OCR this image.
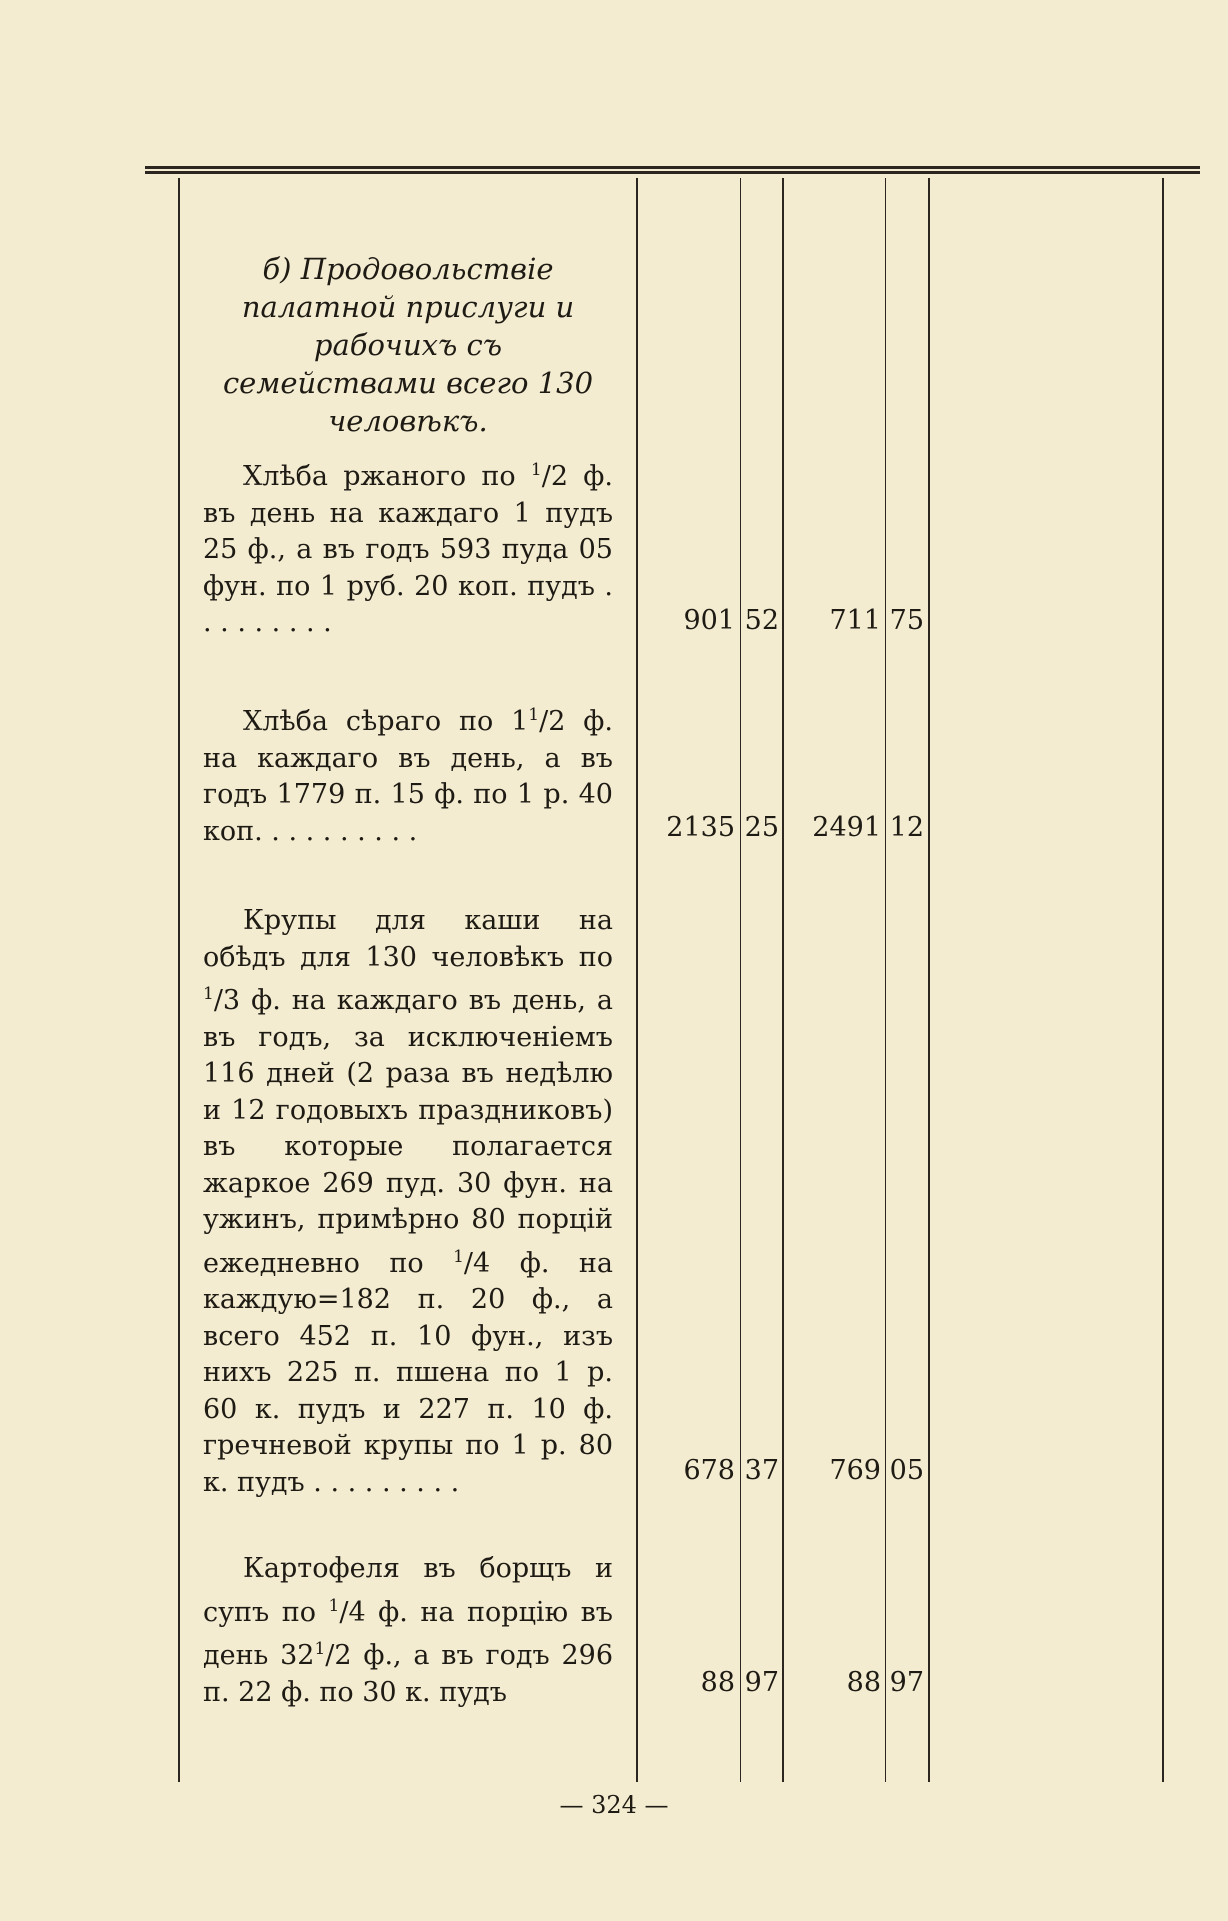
б) Продовольствіе палатной прислуги и рабочихъ съ семействами всего 130 человѣкъ.
Хлѣба ржаного по $^1$/2 ф. въ день на каждаго 1 пудъ 25 ф., а въ годъ 593 пуда 05 фун. по 1 руб. 20 коп. пудъ . . . . . . . . .	901 52	711 75
Хлѣба сѣраго по $1^1/2$ ф. на каждаго въ день, а въ годъ 1779 п. 15 ф. по 1 р. 40 коп. . . . . . . . . .	2135 25	2491 12
Крупы для каши на обѣдъ для 130 человѣкъ по $^1$/3 ф. на каждаго въ день, а въ годъ, за исключеніемъ 116 дней (2 раза въ недѣлю и 12 годовыхъ праздниковъ) въ которые полагается жаркое 269 пуд. 30 фун. на ужинъ, примѣрно 80 порцій ежедневно по $^1$/4 ф. на каждую=182 п. 20 ф., а всего 452 п. 10 фун., изъ нихъ 225 п. пшена по 1 р. 60 к. пудъ и 227 п. 10 ф. гречневой крупы по 1 р. 80 к. пудъ . . . . . . . . .	678 37	769 05
Картофеля въ борщъ и супъ по $^1$/4 ф. на порцію въ день $32^1/2$ ф., а въ годъ 296 п. 22 ф. по 30 к. пудъ	88 97	88 97
— 324 —
